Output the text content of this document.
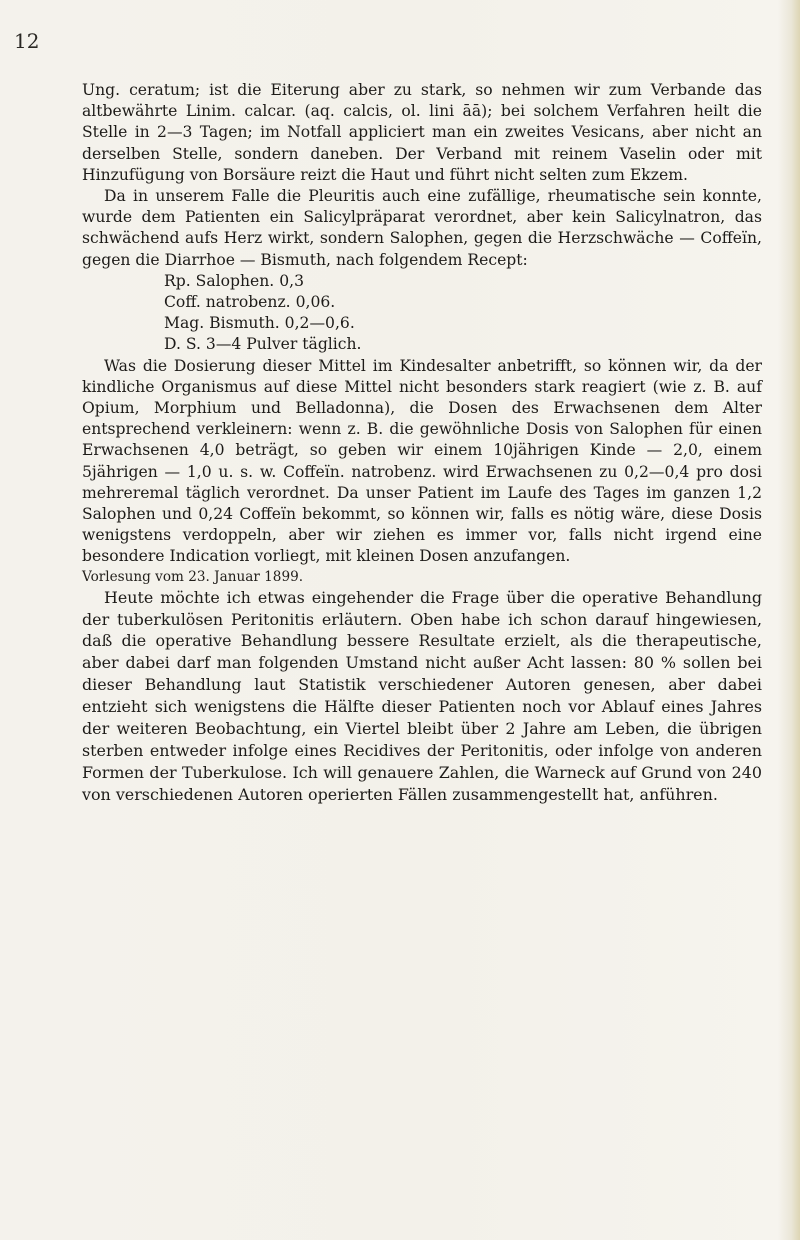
12

Ung. ceratum; ist die Eiterung aber zu stark, so nehmen wir zum Verbande das altbewährte Linim. calcar. (aq. calcis, ol. lini āā); bei solchem Verfahren heilt die Stelle in 2—3 Tagen; im Notfall appliciert man ein zweites Vesicans, aber nicht an derselben Stelle, sondern daneben. Der Verband mit reinem Vaselin oder mit Hinzufügung von Borsäure reizt die Haut und führt nicht selten zum Ekzem.

Da in unserem Falle die Pleuritis auch eine zufällige, rheumatische sein konnte, wurde dem Patienten ein Salicylpräparat verordnet, aber kein Salicylnatron, das schwächend aufs Herz wirkt, sondern Salophen, gegen die Herzschwäche — Coffeïn, gegen die Diarrhoe — Bismuth, nach folgendem Recept:

Rp. Salophen. 0,3

Coff. natrobenz. 0,06.

Mag. Bismuth. 0,2—0,6.

D. S. 3—4 Pulver täglich.

Was die Dosierung dieser Mittel im Kindesalter anbetrifft, so können wir, da der kindliche Organismus auf diese Mittel nicht besonders stark reagiert (wie z. B. auf Opium, Morphium und Belladonna), die Dosen des Erwachsenen dem Alter entsprechend verkleinern: wenn z. B. die gewöhnliche Dosis von Salophen für einen Erwachsenen 4,0 beträgt, so geben wir einem 10jährigen Kinde — 2,0, einem 5jährigen — 1,0 u. s. w. Coffeïn. natrobenz. wird Erwachsenen zu 0,2—0,4 pro dosi mehreremal täglich verordnet. Da unser Patient im Laufe des Tages im ganzen 1,2 Salophen und 0,24 Coffeïn bekommt, so können wir, falls es nötig wäre, diese Dosis wenigstens verdoppeln, aber wir ziehen es immer vor, falls nicht irgend eine besondere Indication vorliegt, mit kleinen Dosen anzufangen.

Vorlesung vom 23. Januar 1899.

Heute möchte ich etwas eingehender die Frage über die operative Behandlung der tuberkulösen Peritonitis erläutern. Oben habe ich schon darauf hingewiesen, daß die operative Behandlung bessere Resultate erzielt, als die therapeutische, aber dabei darf man folgenden Umstand nicht außer Acht lassen: 80 % sollen bei dieser Behandlung laut Statistik verschiedener Autoren genesen, aber dabei entzieht sich wenigstens die Hälfte dieser Patienten noch vor Ablauf eines Jahres der weiteren Beobachtung, ein Viertel bleibt über 2 Jahre am Leben, die übrigen sterben entweder infolge eines Recidives der Peritonitis, oder infolge von anderen Formen der Tuberkulose. Ich will genauere Zahlen, die Warneck auf Grund von 240 von verschiedenen Autoren operierten Fällen zusammengestellt hat, anführen.
